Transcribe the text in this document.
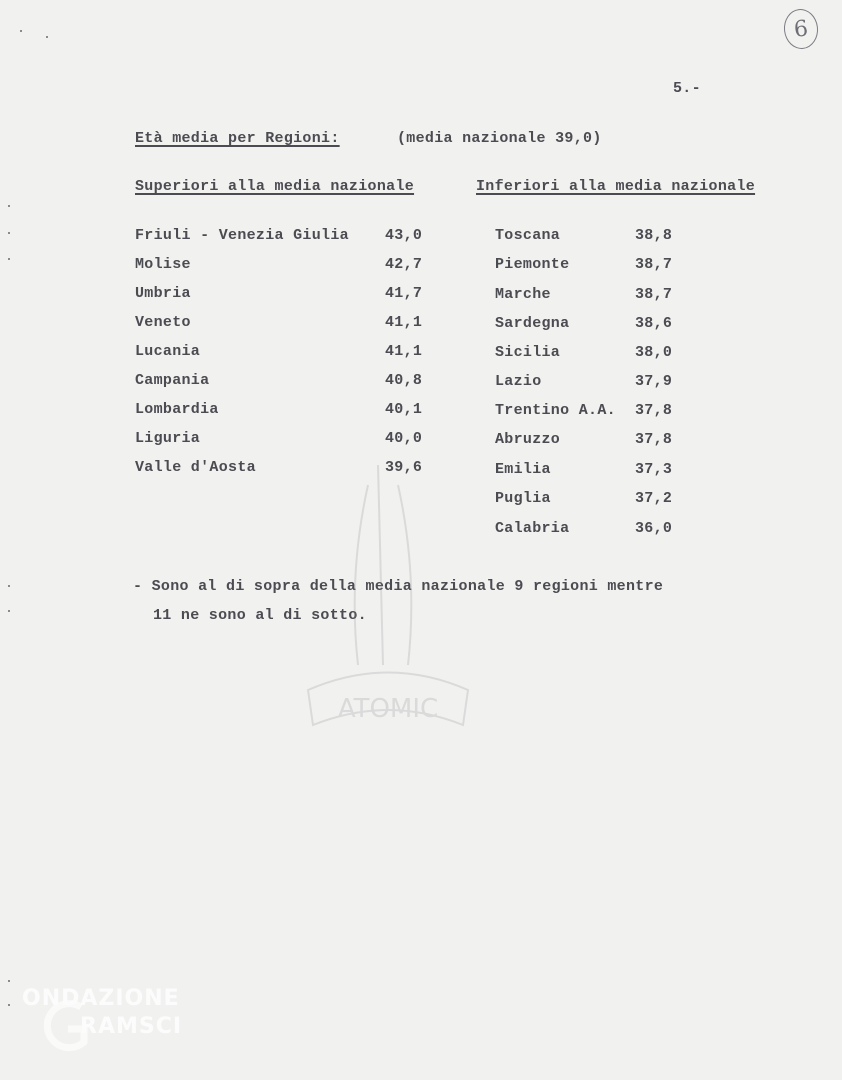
6
5.-
Età media per Regioni:	(media nazionale 39,0)
Superiori alla media nazionale	Inferiori alla media nazionale
Friuli - Venezia Giulia 43,0
Molise	42,7
Umbria	41,7
Veneto	41,1
Lucania	41,1
Campania	40,8
Lombardia	40,1
Liguria	40,0
Valle d'Aosta	39,6
Toscana	38,8
Piemonte	38,7
Marche	38,7
Sardegna	38,6
Sicilia	38,0
Lazio	37,9
Trentino A.A. 37,8
Abruzzo	37,8
Emilia	37,3
Puglia	37,2
Calabria	36,0
- Sono al di sopra della media nazionale 9 regioni mentre
11 ne sono al di sotto.
ATOMIC
ONDAZIONE
RAMSCI
G
